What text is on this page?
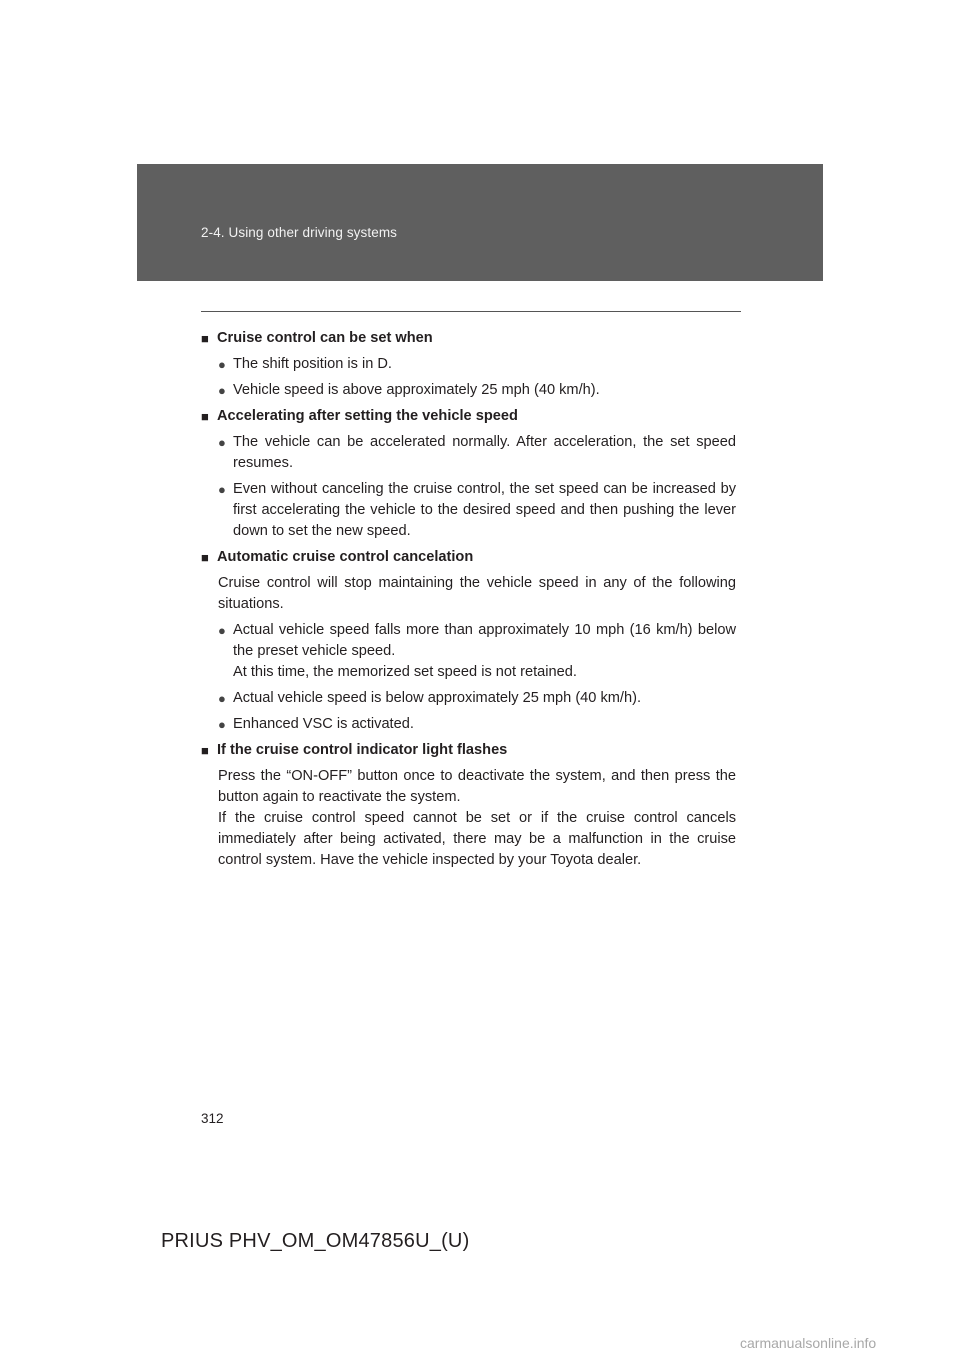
2-4. Using other driving systems
■ Cruise control can be set when
● The shift position is in D.
● Vehicle speed is above approximately 25 mph (40 km/h).
■ Accelerating after setting the vehicle speed
● The vehicle can be accelerated normally. After acceleration, the set speed resumes.
● Even without canceling the cruise control, the set speed can be increased by first accelerating the vehicle to the desired speed and then pushing the lever down to set the new speed.
■ Automatic cruise control cancelation
Cruise control will stop maintaining the vehicle speed in any of the following situations.
● Actual vehicle speed falls more than approximately 10 mph (16 km/h) below the preset vehicle speed.
At this time, the memorized set speed is not retained.
● Actual vehicle speed is below approximately 25 mph (40 km/h).
● Enhanced VSC is activated.
■ If the cruise control indicator light flashes
Press the “ON-OFF” button once to deactivate the system, and then press the button again to reactivate the system.
If the cruise control speed cannot be set or if the cruise control cancels immediately after being activated, there may be a malfunction in the cruise control system. Have the vehicle inspected by your Toyota dealer.
312
PRIUS PHV_OM_OM47856U_(U)
carmanualsonline.info
